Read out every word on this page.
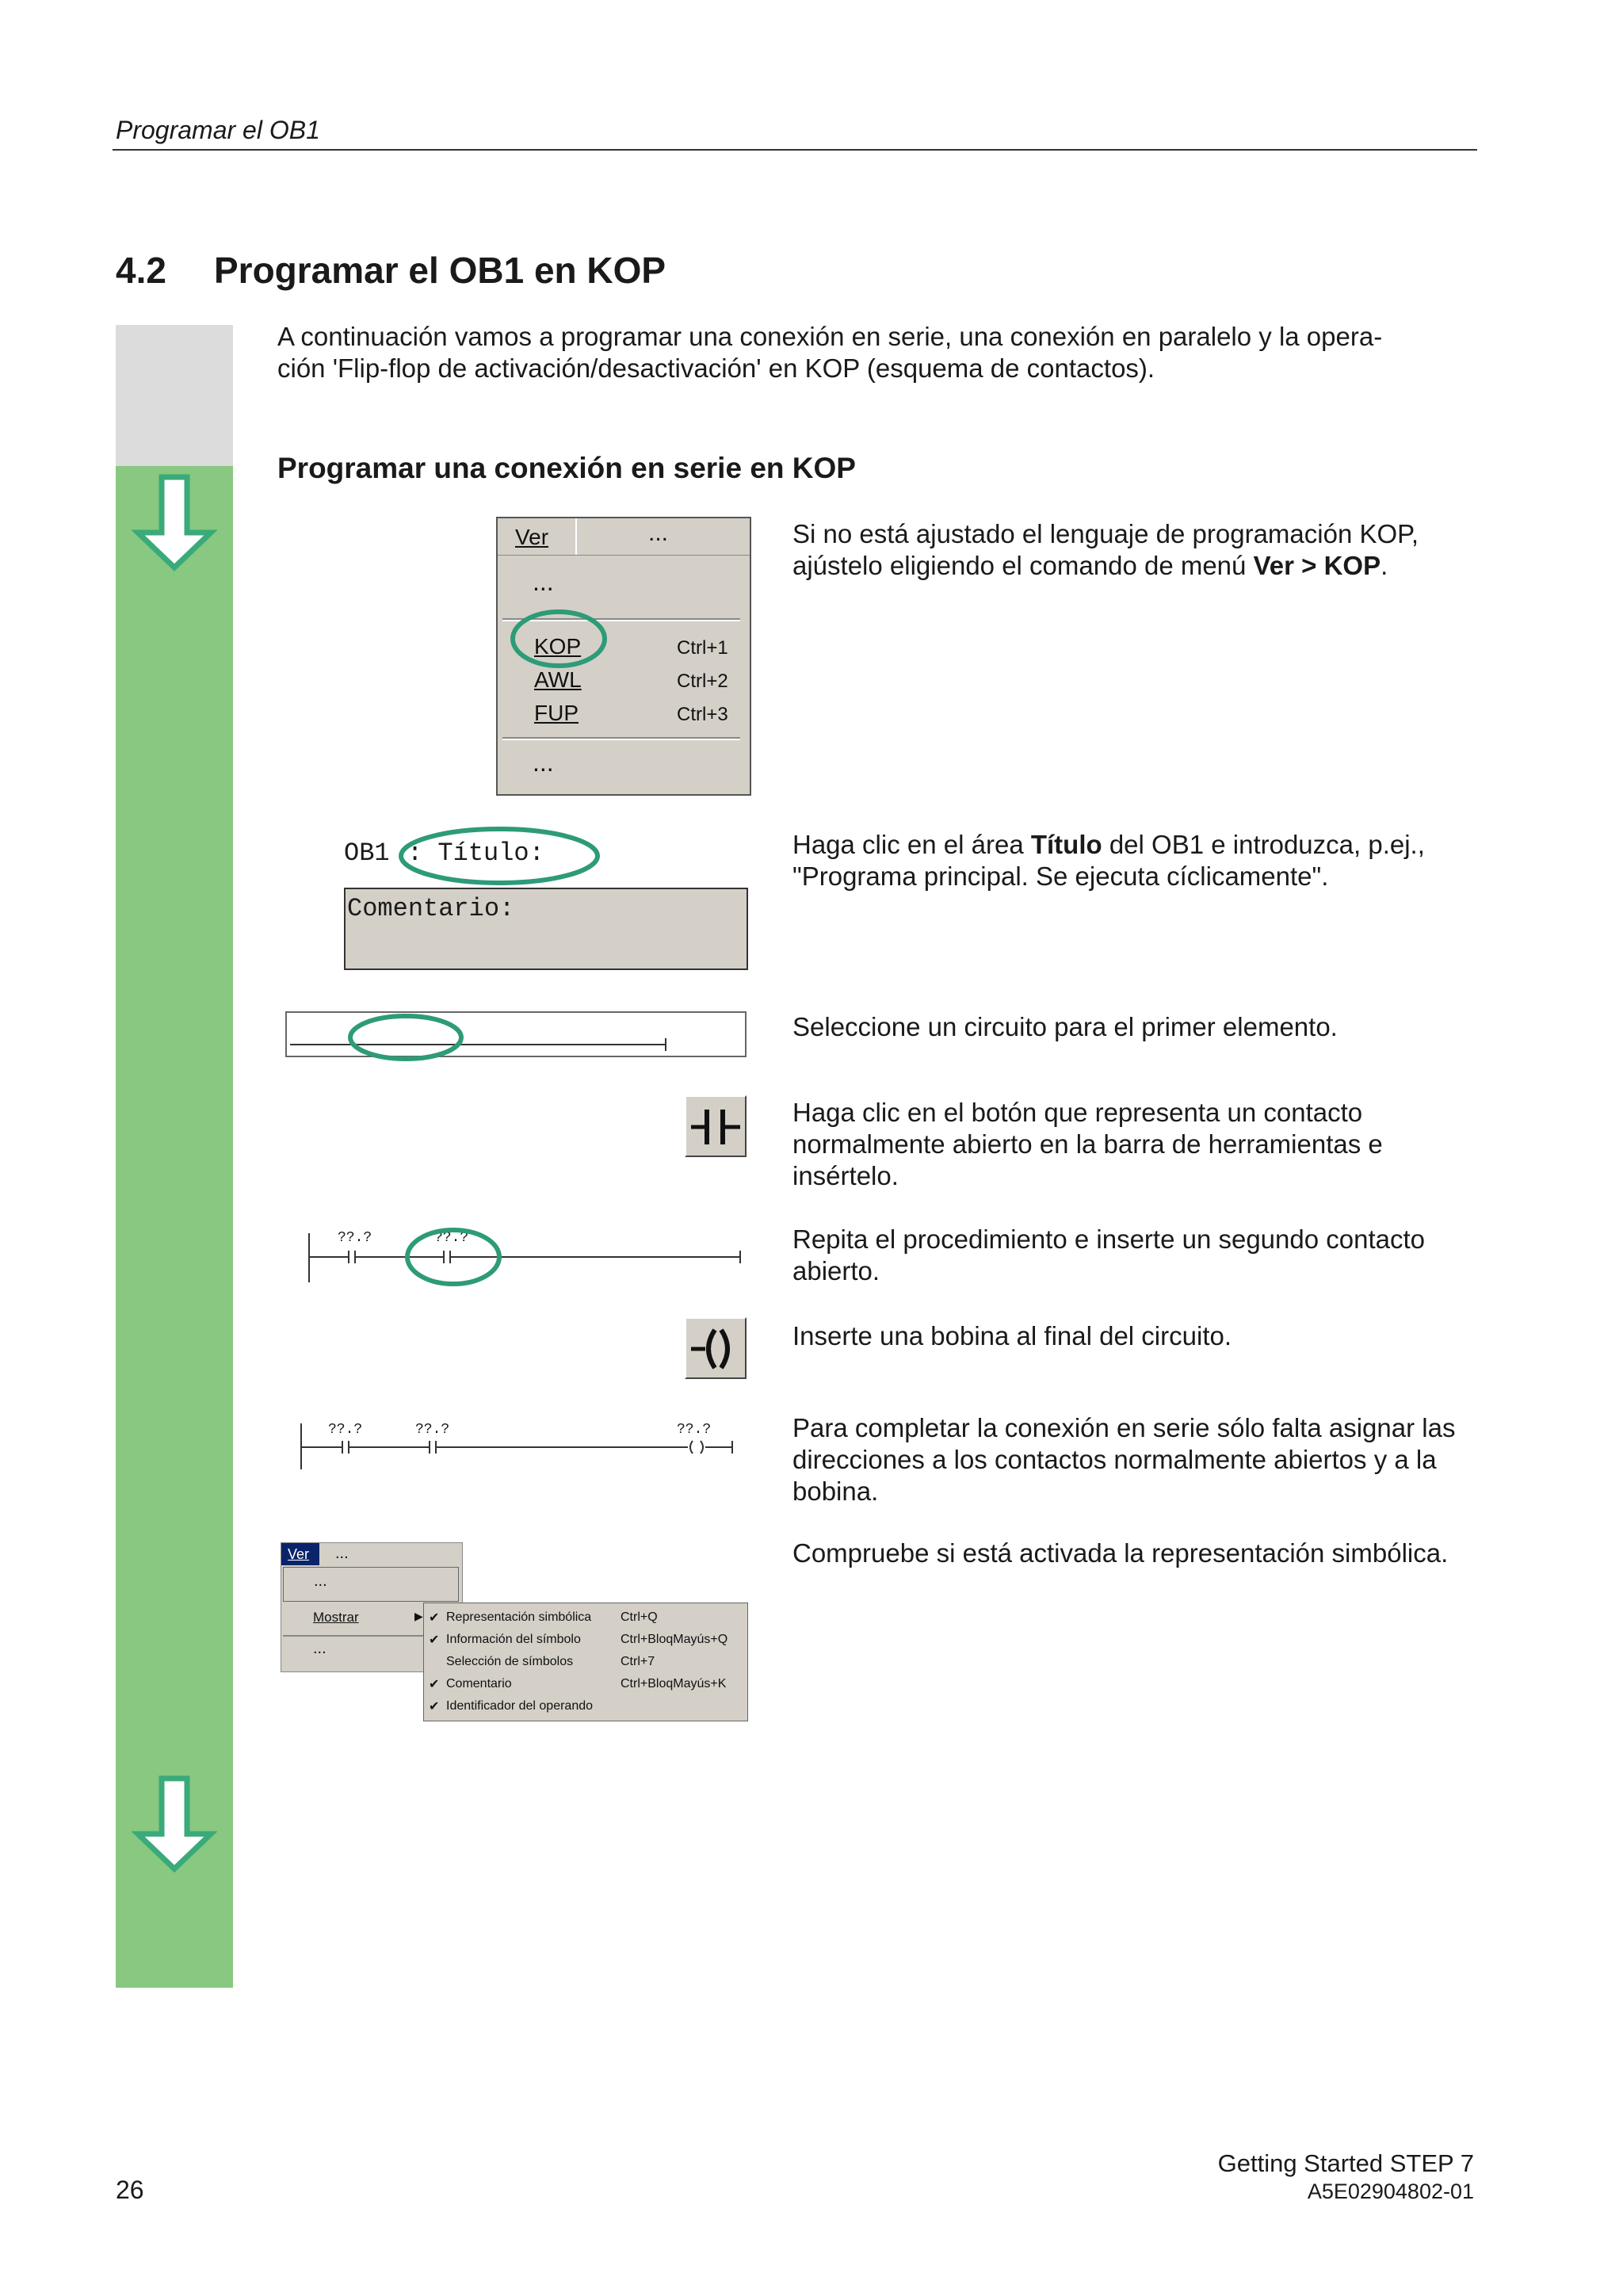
Programar el OB1
4.2 Programar el OB1 en KOP
A continuación vamos a programar una conexión en serie, una conexión en paralelo y la opera-
ción 'Flip-flop de activación/desactivación' en KOP (esquema de contactos).
Programar una conexión en serie en KOP
Ver	...
...
KOP	Ctrl+1
AWL	Ctrl+2
FUP	Ctrl+3
...
Si no está ajustado el lenguaje de programación KOP, ajústelo eligiendo el comando de menú Ver > KOP.
OB1 : Título:
Comentario:
Haga clic en el área Título del OB1 e introduzca, p.ej., "Programa principal. Se ejecuta cíclicamente".
Seleccione un circuito para el primer elemento.
Haga clic en el botón que representa un contacto normalmente abierto en la barra de herramientas e insértelo.
??.?	??.?	Repita el procedimiento e inserte un segundo contacto abierto.
Inserte una bobina al final del circuito.
??.?	??.?	??.?	Para completar la conexión en serie sólo falta asignar las direcciones a los contactos normalmente abiertos y a la bobina.
Ver ...
...
Mostrar	▶
...
✔ Representación simbólica Ctrl+Q
✔ Información del símbolo	Ctrl+BloqMayús+Q
Selección de símbolos	Ctrl+7
✔ Comentario	Ctrl+BloqMayús+K
✔ Identificador del operando
Compruebe si está activada la representación simbólica.
26
Getting Started STEP 7
A5E02904802-01
